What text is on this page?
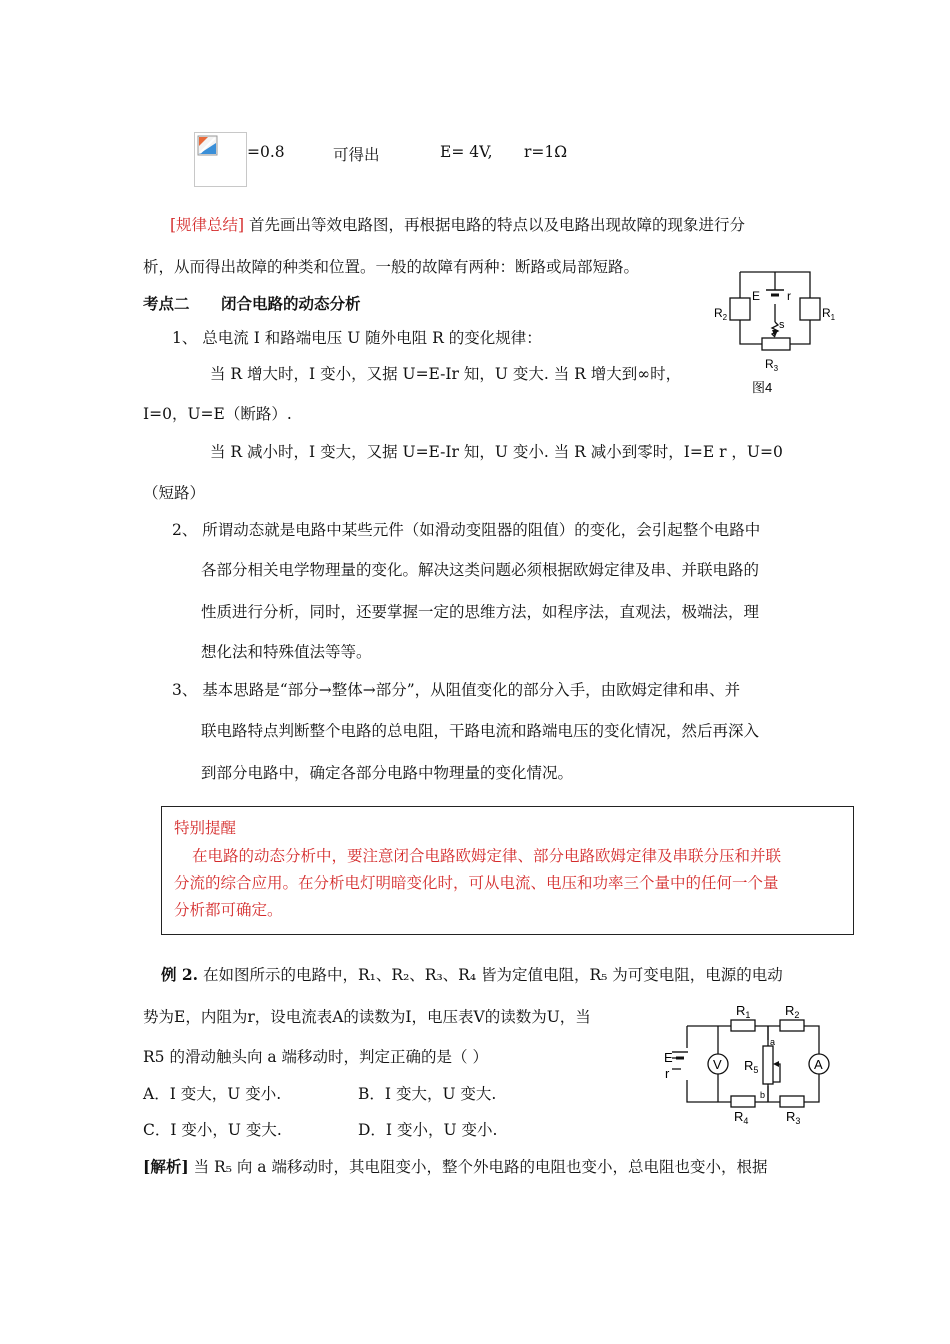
=0.8	可得出	E= 4V, r=1Ω
[规律总结] 首先画出等效电路图，再根据电路的特点以及电路出现故障的现象进行分
析，从而得出故障的种类和位置。一般的故障有两种：断路或局部短路。
考点二 闭合电路的动态分析
1、 总电流 I 和路端电压 U 随外电阻 R 的变化规律：
当 R 增大时，I 变小，又据 U=E-Ir 知，U 变大. 当 R 增大到∞时，
I=0，U=E（断路）.
当 R 减小时，I 变大，又据 U=E-Ir 知，U 变小. 当 R 减小到零时，I=E r ，U=0
（短路）
2、 所谓动态就是电路中某些元件（如滑动变阻器的阻值）的变化，会引起整个电路中
各部分相关电学物理量的变化。解决这类问题必须根据欧姆定律及串、并联电路的
性质进行分析，同时，还要掌握一定的思维方法，如程序法，直观法，极端法，理
想化法和特殊值法等等。
3、 基本思路是“部分→整体→部分”，从阻值变化的部分入手，由欧姆定律和串、并
联电路特点判断整个电路的总电阻，干路电流和路端电压的变化情况，然后再深入
到部分电路中，确定各部分电路中物理量的变化情况。
E r
s
$R_2$	$R_1$
$R_3$
图4
特别提醒
在电路的动态分析中，要注意闭合电路欧姆定律、部分电路欧姆定律及串联分压和并联
分流的综合应用。在分析电灯明暗变化时，可从电流、电压和功率三个量中的任何一个量
分析都可确定。
例 2. 在如图所示的电路中，R₁、R₂、R₃、R₄ 皆为定值电阻，R₅ 为可变电阻，电源的电动
势为E，内阻为r，设电流表A的读数为I，电压表V的读数为U，当
R5 的滑动触头向 a 端移动时，判定正确的是（ ）
A．I 变大，U 变小.	B．I 变大，U 变大.
C．I 变小，U 变大.	D．I 变小，U 变小.
[解析] 当 R₅ 向 a 端移动时，其电阻变小，整个外电路的电阻也变小，总电阻也变小，根据
V	A
E
r
a
b
$R_1$	$R_2$
$R_5$
$R_4$	$R_3$
